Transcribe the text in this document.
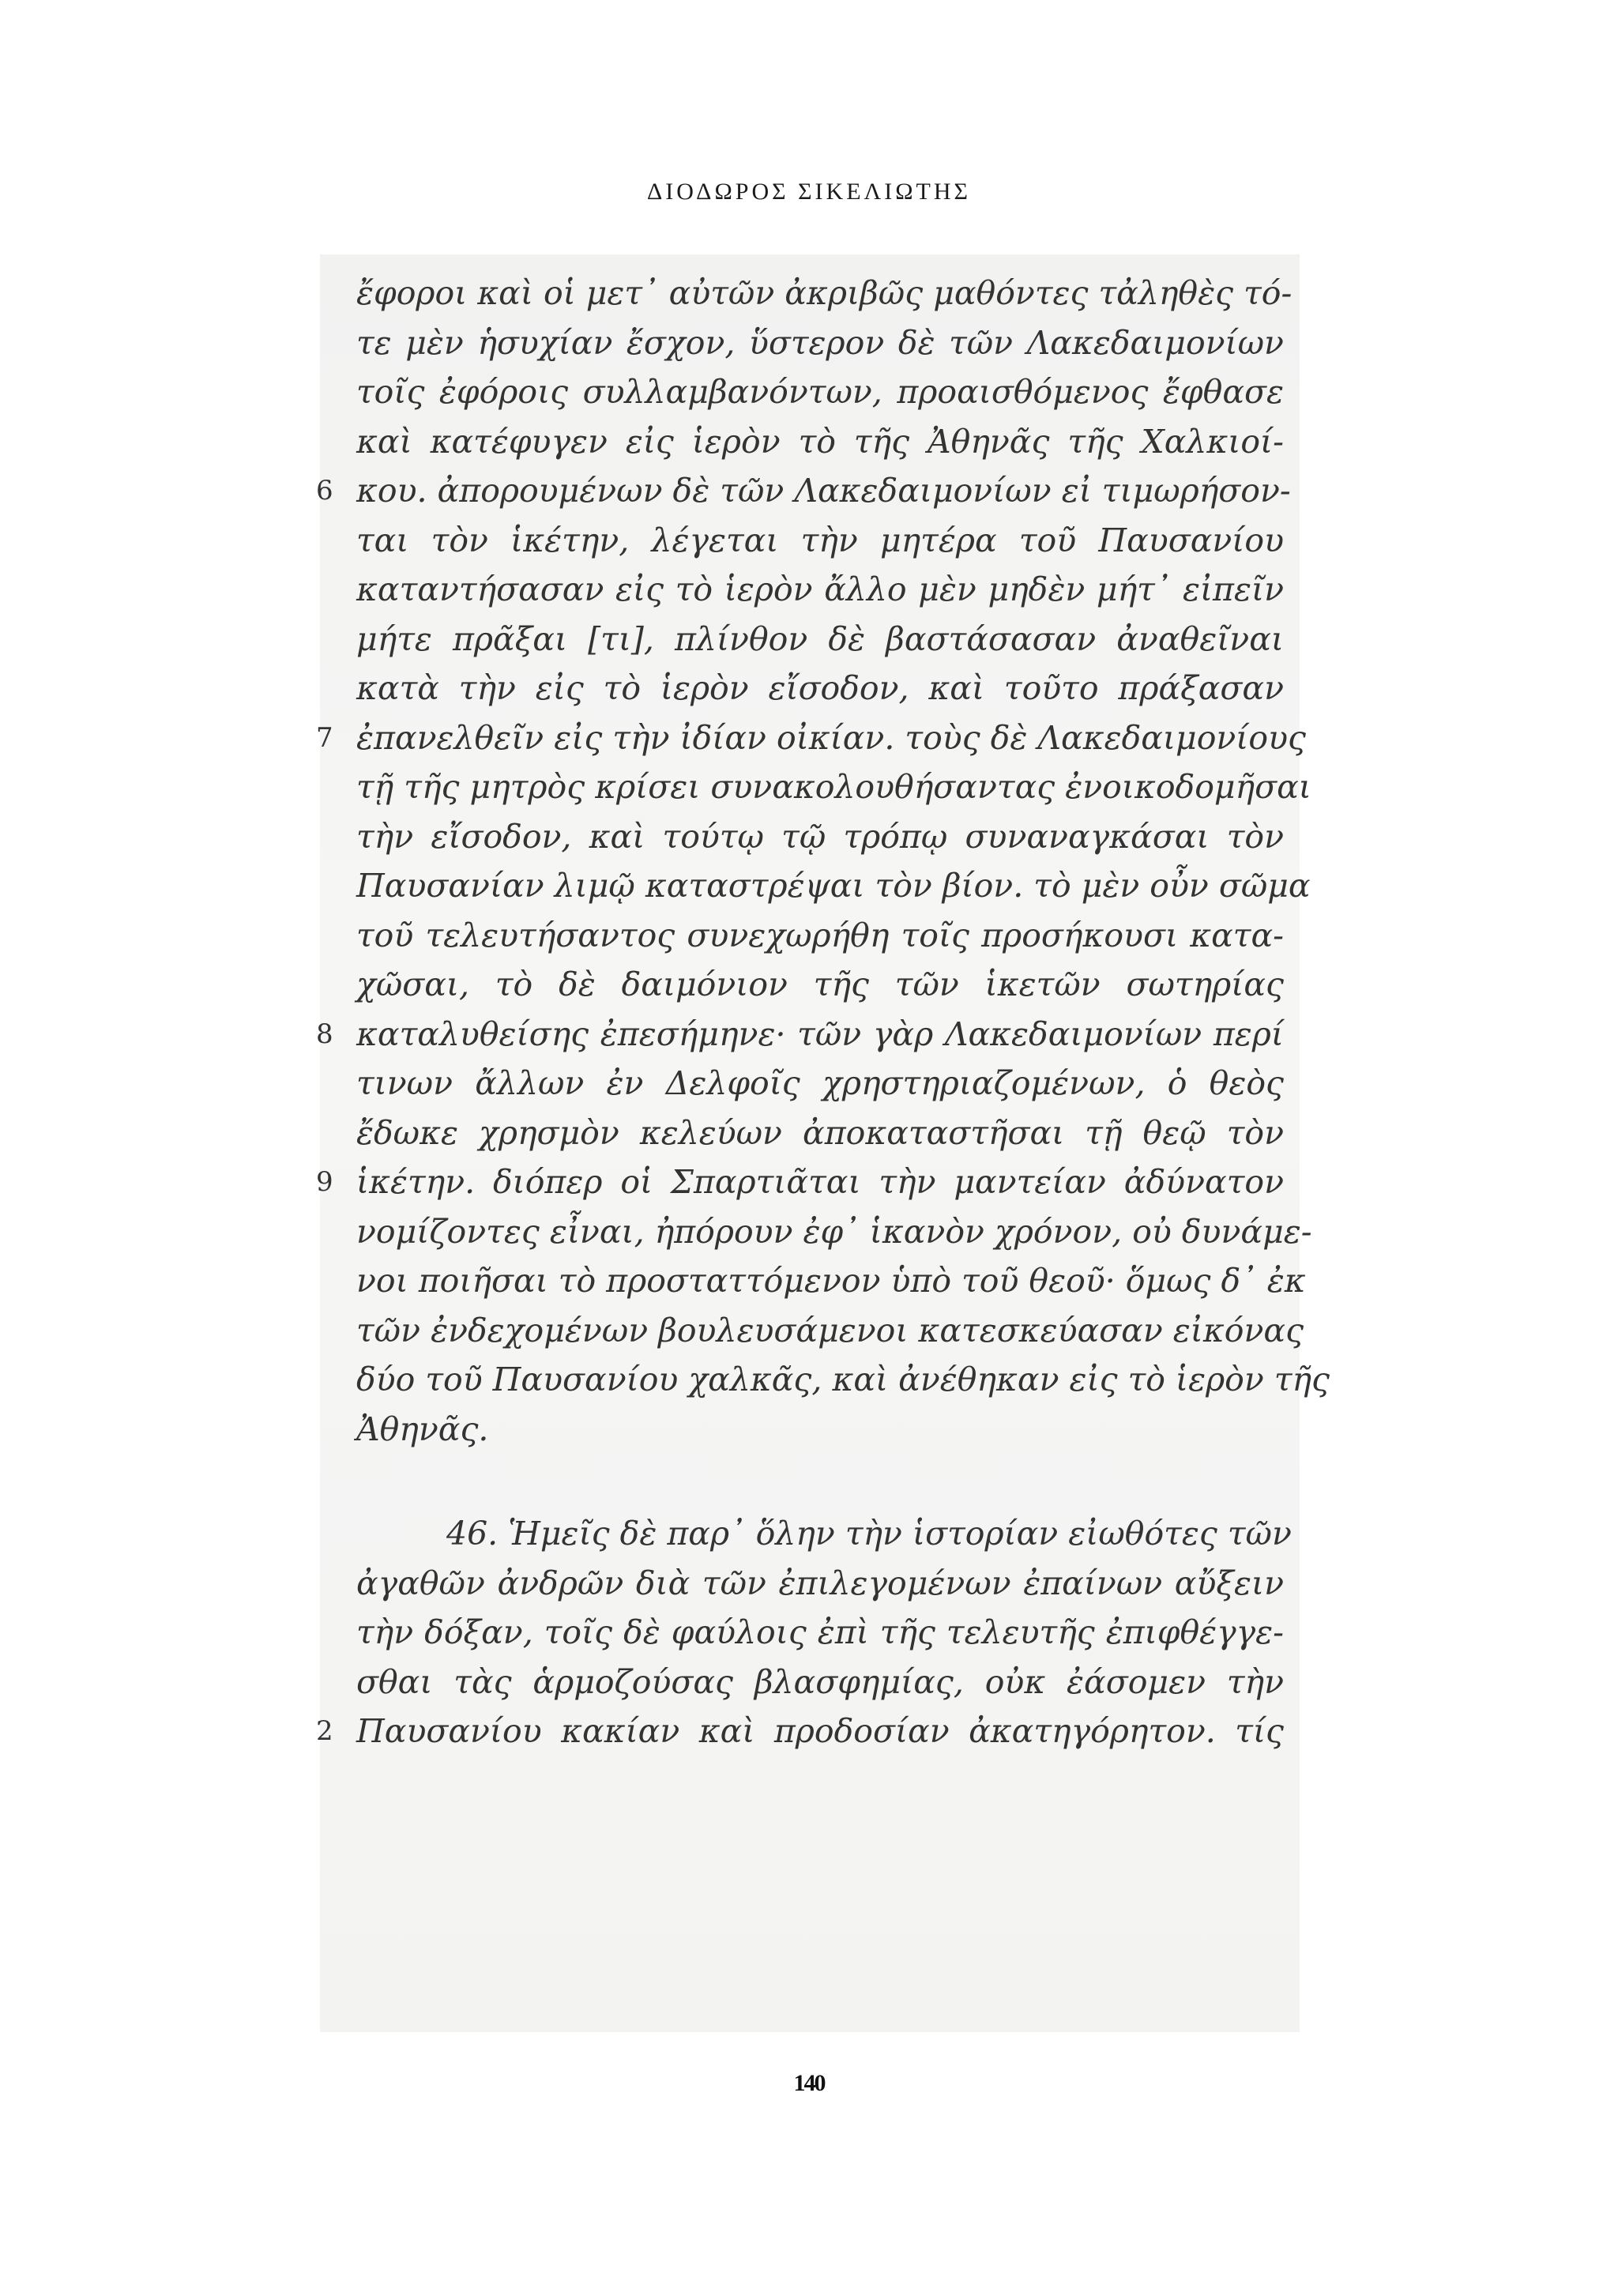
ΔΙΟΔΩΡΟΣ ΣΙΚΕΛΙΩΤΗΣ
ἔφοροι καὶ οἱ μετ᾽ αὐτῶν ἀκριβῶς μαθόντες τἀληθὲς τό-
τε μὲν ἡσυχίαν ἔσχον, ὕστερον δὲ τῶν Λακεδαιμονίων
τοῖς ἐφόροις συλλαμβανόντων, προαισθόμενος ἔφθασε
καὶ κατέφυγεν εἰς ἱερὸν τὸ τῆς Ἀθηνᾶς τῆς Χαλκιοί-
6 κου. ἀπορουμένων δὲ τῶν Λακεδαιμονίων εἰ τιμωρήσον-
ται τὸν ἱκέτην, λέγεται τὴν μητέρα τοῦ Παυσανίου
καταντήσασαν εἰς τὸ ἱερὸν ἄλλο μὲν μηδὲν μήτ᾽ εἰπεῖν
μήτε πρᾶξαι [τι], πλίνθον δὲ βαστάσασαν ἀναθεῖναι
κατὰ τὴν εἰς τὸ ἱερὸν εἴσοδον, καὶ τοῦτο πράξασαν
7 ἐπανελθεῖν εἰς τὴν ἰδίαν οἰκίαν. τοὺς δὲ Λακεδαιμονίους
τῇ τῆς μητρὸς κρίσει συνακολουθήσαντας ἐνοικοδομῆσαι
τὴν εἴσοδον, καὶ τούτῳ τῷ τρόπῳ συναναγκάσαι τὸν
Παυσανίαν λιμῷ καταστρέψαι τὸν βίον. τὸ μὲν οὖν σῶμα
τοῦ τελευτήσαντος συνεχωρήθη τοῖς προσήκουσι κατα-
χῶσαι, τὸ δὲ δαιμόνιον τῆς τῶν ἱκετῶν σωτηρίας
8 καταλυθείσης ἐπεσήμηνε· τῶν γὰρ Λακεδαιμονίων περί
τινων ἄλλων ἐν Δελφοῖς χρηστηριαζομένων, ὁ θεὸς
ἔδωκε χρησμὸν κελεύων ἀποκαταστῆσαι τῇ θεῷ τὸν
9 ἱκέτην. διόπερ οἱ Σπαρτιᾶται τὴν μαντείαν ἀδύνατον
νομίζοντες εἶναι, ἠπόρουν ἐφ᾽ ἱκανὸν χρόνον, οὐ δυνάμε-
νοι ποιῆσαι τὸ προσταττόμενον ὑπὸ τοῦ θεοῦ· ὅμως δ᾽ ἐκ
τῶν ἐνδεχομένων βουλευσάμενοι κατεσκεύασαν εἰκόνας
δύο τοῦ Παυσανίου χαλκᾶς, καὶ ἀνέθηκαν εἰς τὸ ἱερὸν τῆς
Ἀθηνᾶς.
46. Ἡμεῖς δὲ παρ᾽ ὅλην τὴν ἱστορίαν εἰωθότες τῶν
ἀγαθῶν ἀνδρῶν διὰ τῶν ἐπιλεγομένων ἐπαίνων αὔξειν
τὴν δόξαν, τοῖς δὲ φαύλοις ἐπὶ τῆς τελευτῆς ἐπιφθέγγε-
σθαι τὰς ἁρμοζούσας βλασφημίας, οὐκ ἐάσομεν τὴν
2 Παυσανίου κακίαν καὶ προδοσίαν ἀκατηγόρητον. τίς
140
